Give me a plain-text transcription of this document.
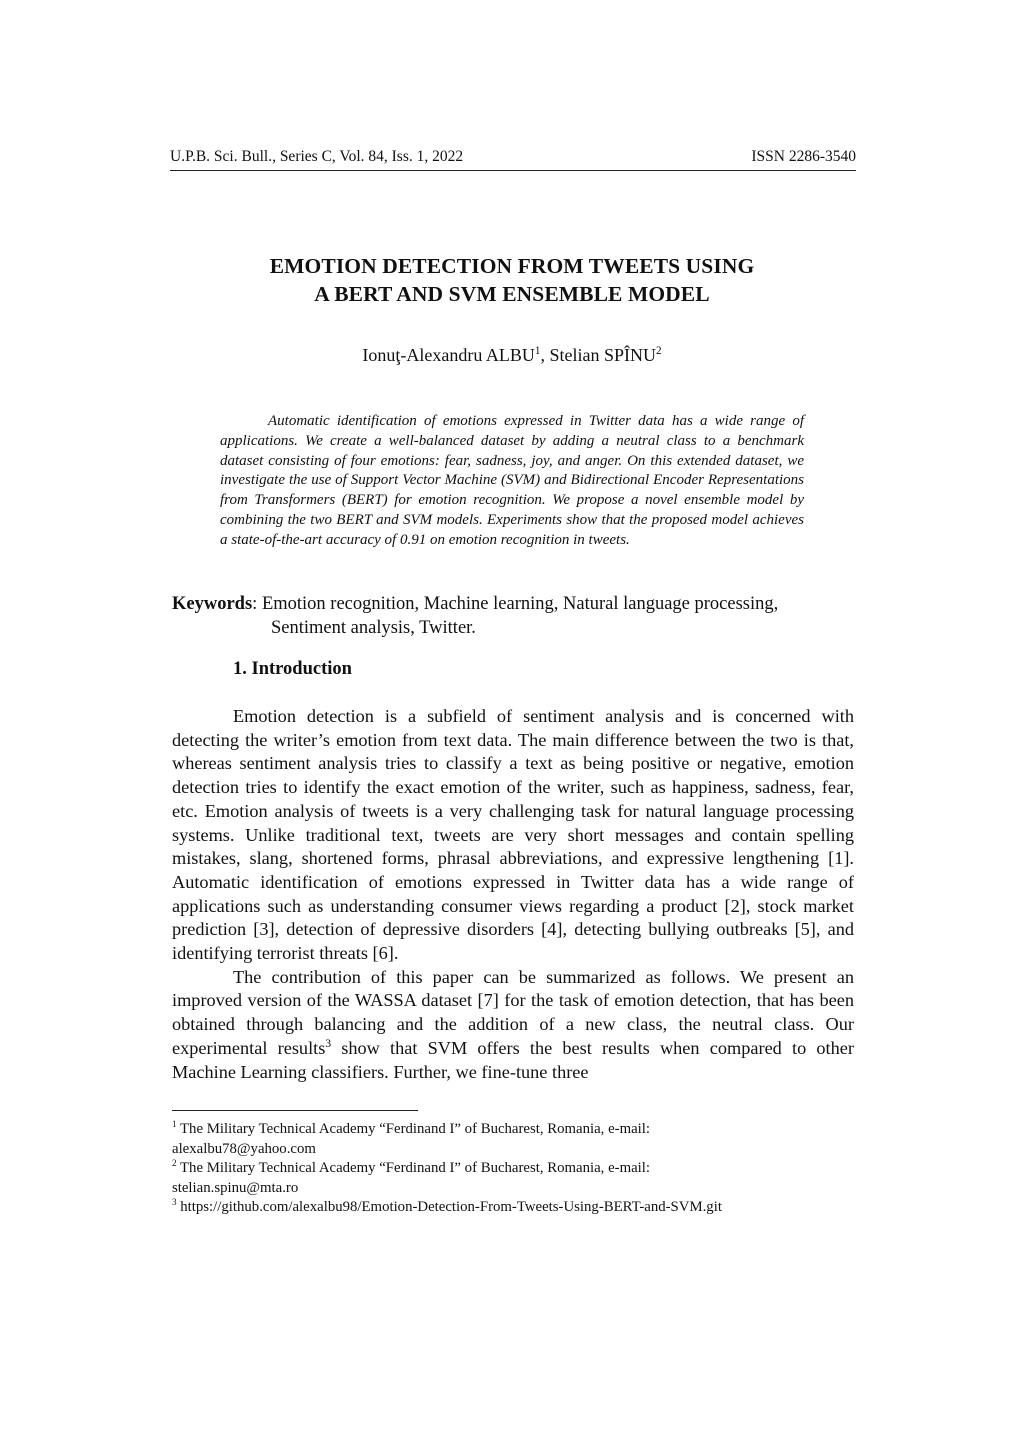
U.P.B. Sci. Bull., Series C, Vol. 84, Iss. 1, 2022	ISSN 2286-3540
EMOTION DETECTION FROM TWEETS USING
A BERT AND SVM ENSEMBLE MODEL
Ionuţ-Alexandru ALBU$^1$, Stelian SPÎNU$^2$
Automatic identification of emotions expressed in Twitter data has a wide range of applications. We create a well-balanced dataset by adding a neutral class to a benchmark dataset consisting of four emotions: fear, sadness, joy, and anger. On this extended dataset, we investigate the use of Support Vector Machine (SVM) and Bidirectional Encoder Representations from Transformers (BERT) for emotion recognition. We propose a novel ensemble model by combining the two BERT and SVM models. Experiments show that the proposed model achieves a state-of-the-art accuracy of 0.91 on emotion recognition in tweets.
Keywords: Emotion recognition, Machine learning, Natural language processing,
Sentiment analysis, Twitter.
1. Introduction

Emotion detection is a subfield of sentiment analysis and is concerned with detecting the writer’s emotion from text data. The main difference between the two is that, whereas sentiment analysis tries to classify a text as being positive or negative, emotion detection tries to identify the exact emotion of the writer, such as happiness, sadness, fear, etc. Emotion analysis of tweets is a very challenging task for natural language processing systems. Unlike traditional text, tweets are very short messages and contain spelling mistakes, slang, shortened forms, phrasal abbreviations, and expressive lengthening [1]. Automatic identification of emotions expressed in Twitter data has a wide range of applications such as understanding consumer views regarding a product [2], stock market prediction [3], detection of depressive disorders [4], detecting bullying outbreaks [5], and identifying terrorist threats [6].

The contribution of this paper can be summarized as follows. We present an improved version of the WASSA dataset [7] for the task of emotion detection, that has been obtained through balancing and the addition of a new class, the neutral class. Our experimental results$^3$ show that SVM offers the best results when compared to other Machine Learning classifiers. Further, we fine-tune three

$^1$ The Military Technical Academy “Ferdinand I” of Bucharest, Romania, e-mail:
alexalbu78@yahoo.com
$^2$ The Military Technical Academy “Ferdinand I” of Bucharest, Romania, e-mail:
stelian.spinu@mta.ro
$^3$ https://github.com/alexalbu98/Emotion-Detection-From-Tweets-Using-BERT-and-SVM.git
